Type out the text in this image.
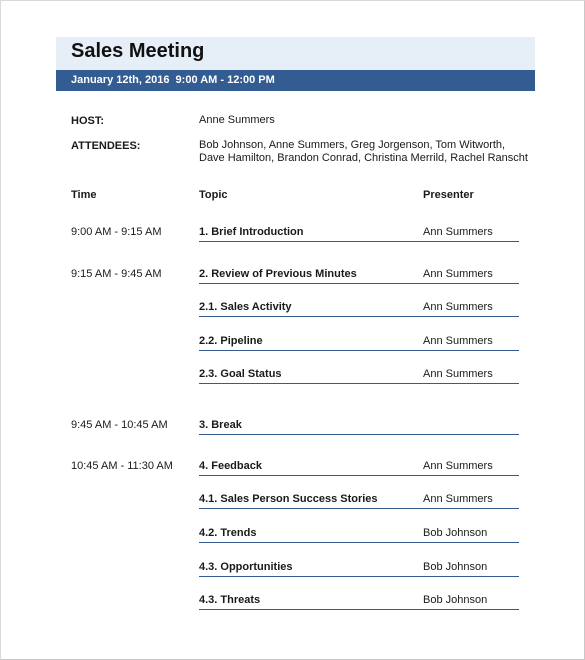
Sales Meeting
January 12th, 2016  9:00 AM - 12:00 PM
HOST:	Anne Summers
ATTENDEES:	Bob Johnson, Anne Summers, Greg Jorgenson, Tom Witworth,
Dave Hamilton, Brandon Conrad, Christina Merrild, Rachel Ranscht
Time	Topic	Presenter
9:00 AM - 9:15 AM	1. Brief Introduction	Ann Summers
9:15 AM - 9:45 AM	2. Review of Previous Minutes	Ann Summers
2.1. Sales Activity	Ann Summers
2.2. Pipeline	Ann Summers
2.3. Goal Status	Ann Summers
9:45 AM - 10:45 AM	3. Break
10:45 AM - 11:30 AM 4. Feedback	Ann Summers
4.1. Sales Person Success Stories	Ann Summers
4.2. Trends	Bob Johnson
4.3. Opportunities	Bob Johnson
4.3. Threats	Bob Johnson
